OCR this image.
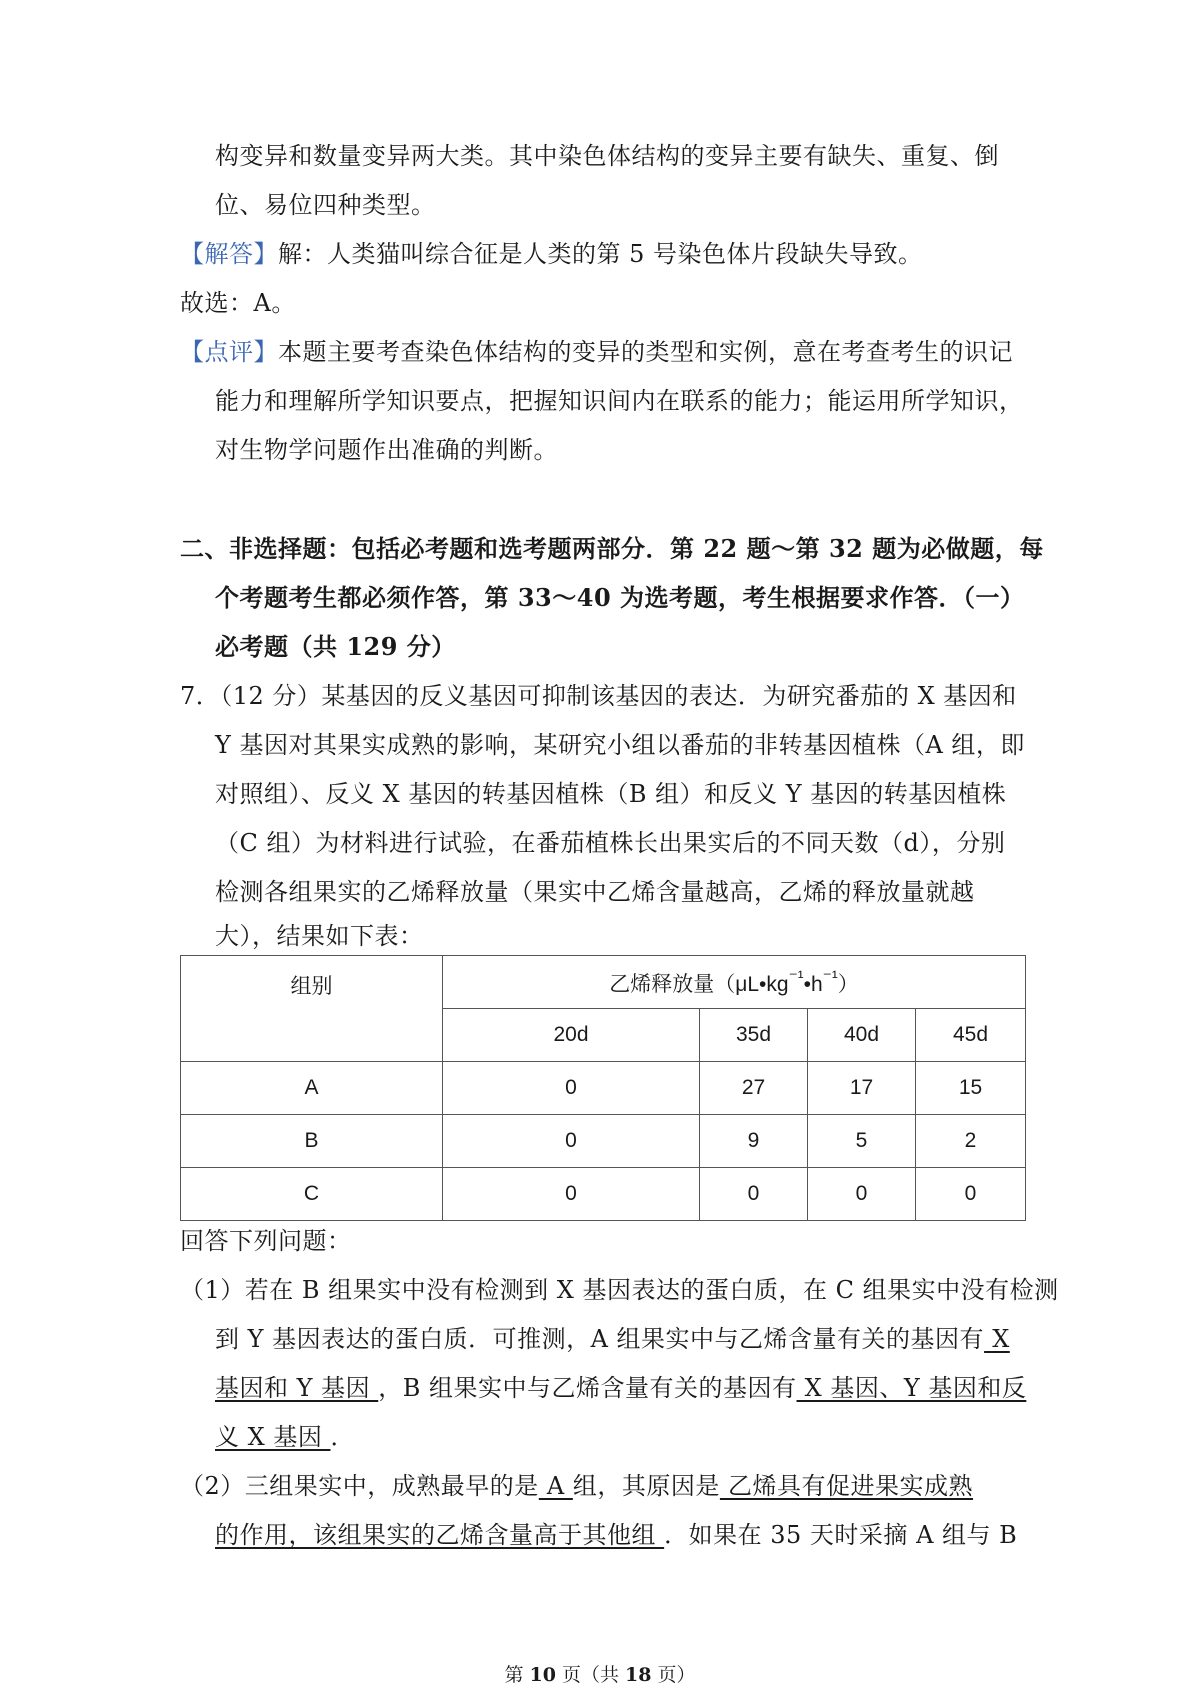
构变异和数量变异两大类。其中染色体结构的变异主要有缺失、重复、倒
位、易位四种类型。
【解答】解：人类猫叫综合征是人类的第 5 号染色体片段缺失导致。
故选：A。
【点评】本题主要考查染色体结构的变异的类型和实例，意在考查考生的识记
能力和理解所学知识要点，把握知识间内在联系的能力；能运用所学知识，
对生物学问题作出准确的判断。
二、非选择题：包括必考题和选考题两部分．第 22 题～第 32 题为必做题，每
个考题考生都必须作答，第 33～40 为选考题，考生根据要求作答．（一）
必考题（共 129 分）
7．（12 分）某基因的反义基因可抑制该基因的表达．为研究番茄的 X 基因和
Y 基因对其果实成熟的影响，某研究小组以番茄的非转基因植株（A 组，即
对照组）、反义 X 基因的转基因植株（B 组）和反义 Y 基因的转基因植株
（C 组）为材料进行试验，在番茄植株长出果实后的不同天数（d），分别
检测各组果实的乙烯释放量（果实中乙烯含量越高，乙烯的释放量就越
大），结果如下表：
组别	乙烯释放量$(\mu L•kg^{^{-1}}•h^{^{-1}})$			
	20d	35d	40d	45d
A	0	27	17	15
B	0	9	5	2
C	0	0	0	0
回答下列问题：
（1）若在 B 组果实中没有检测到 X 基因表达的蛋白质，在 C 组果实中没有检测
到 Y 基因表达的蛋白质．可推测，A 组果实中与乙烯含量有关的基因有 X
基因和 Y 基因 ，B 组果实中与乙烯含量有关的基因有 X 基因、Y 基因和反
义 X 基因 ．
（2）三组果实中，成熟最早的是 A 组，其原因是 乙烯具有促进果实成熟
的作用，该组果实的乙烯含量高于其他组 ．如果在 35 天时采摘 A 组与 B
第 10 页（共 18 页）
